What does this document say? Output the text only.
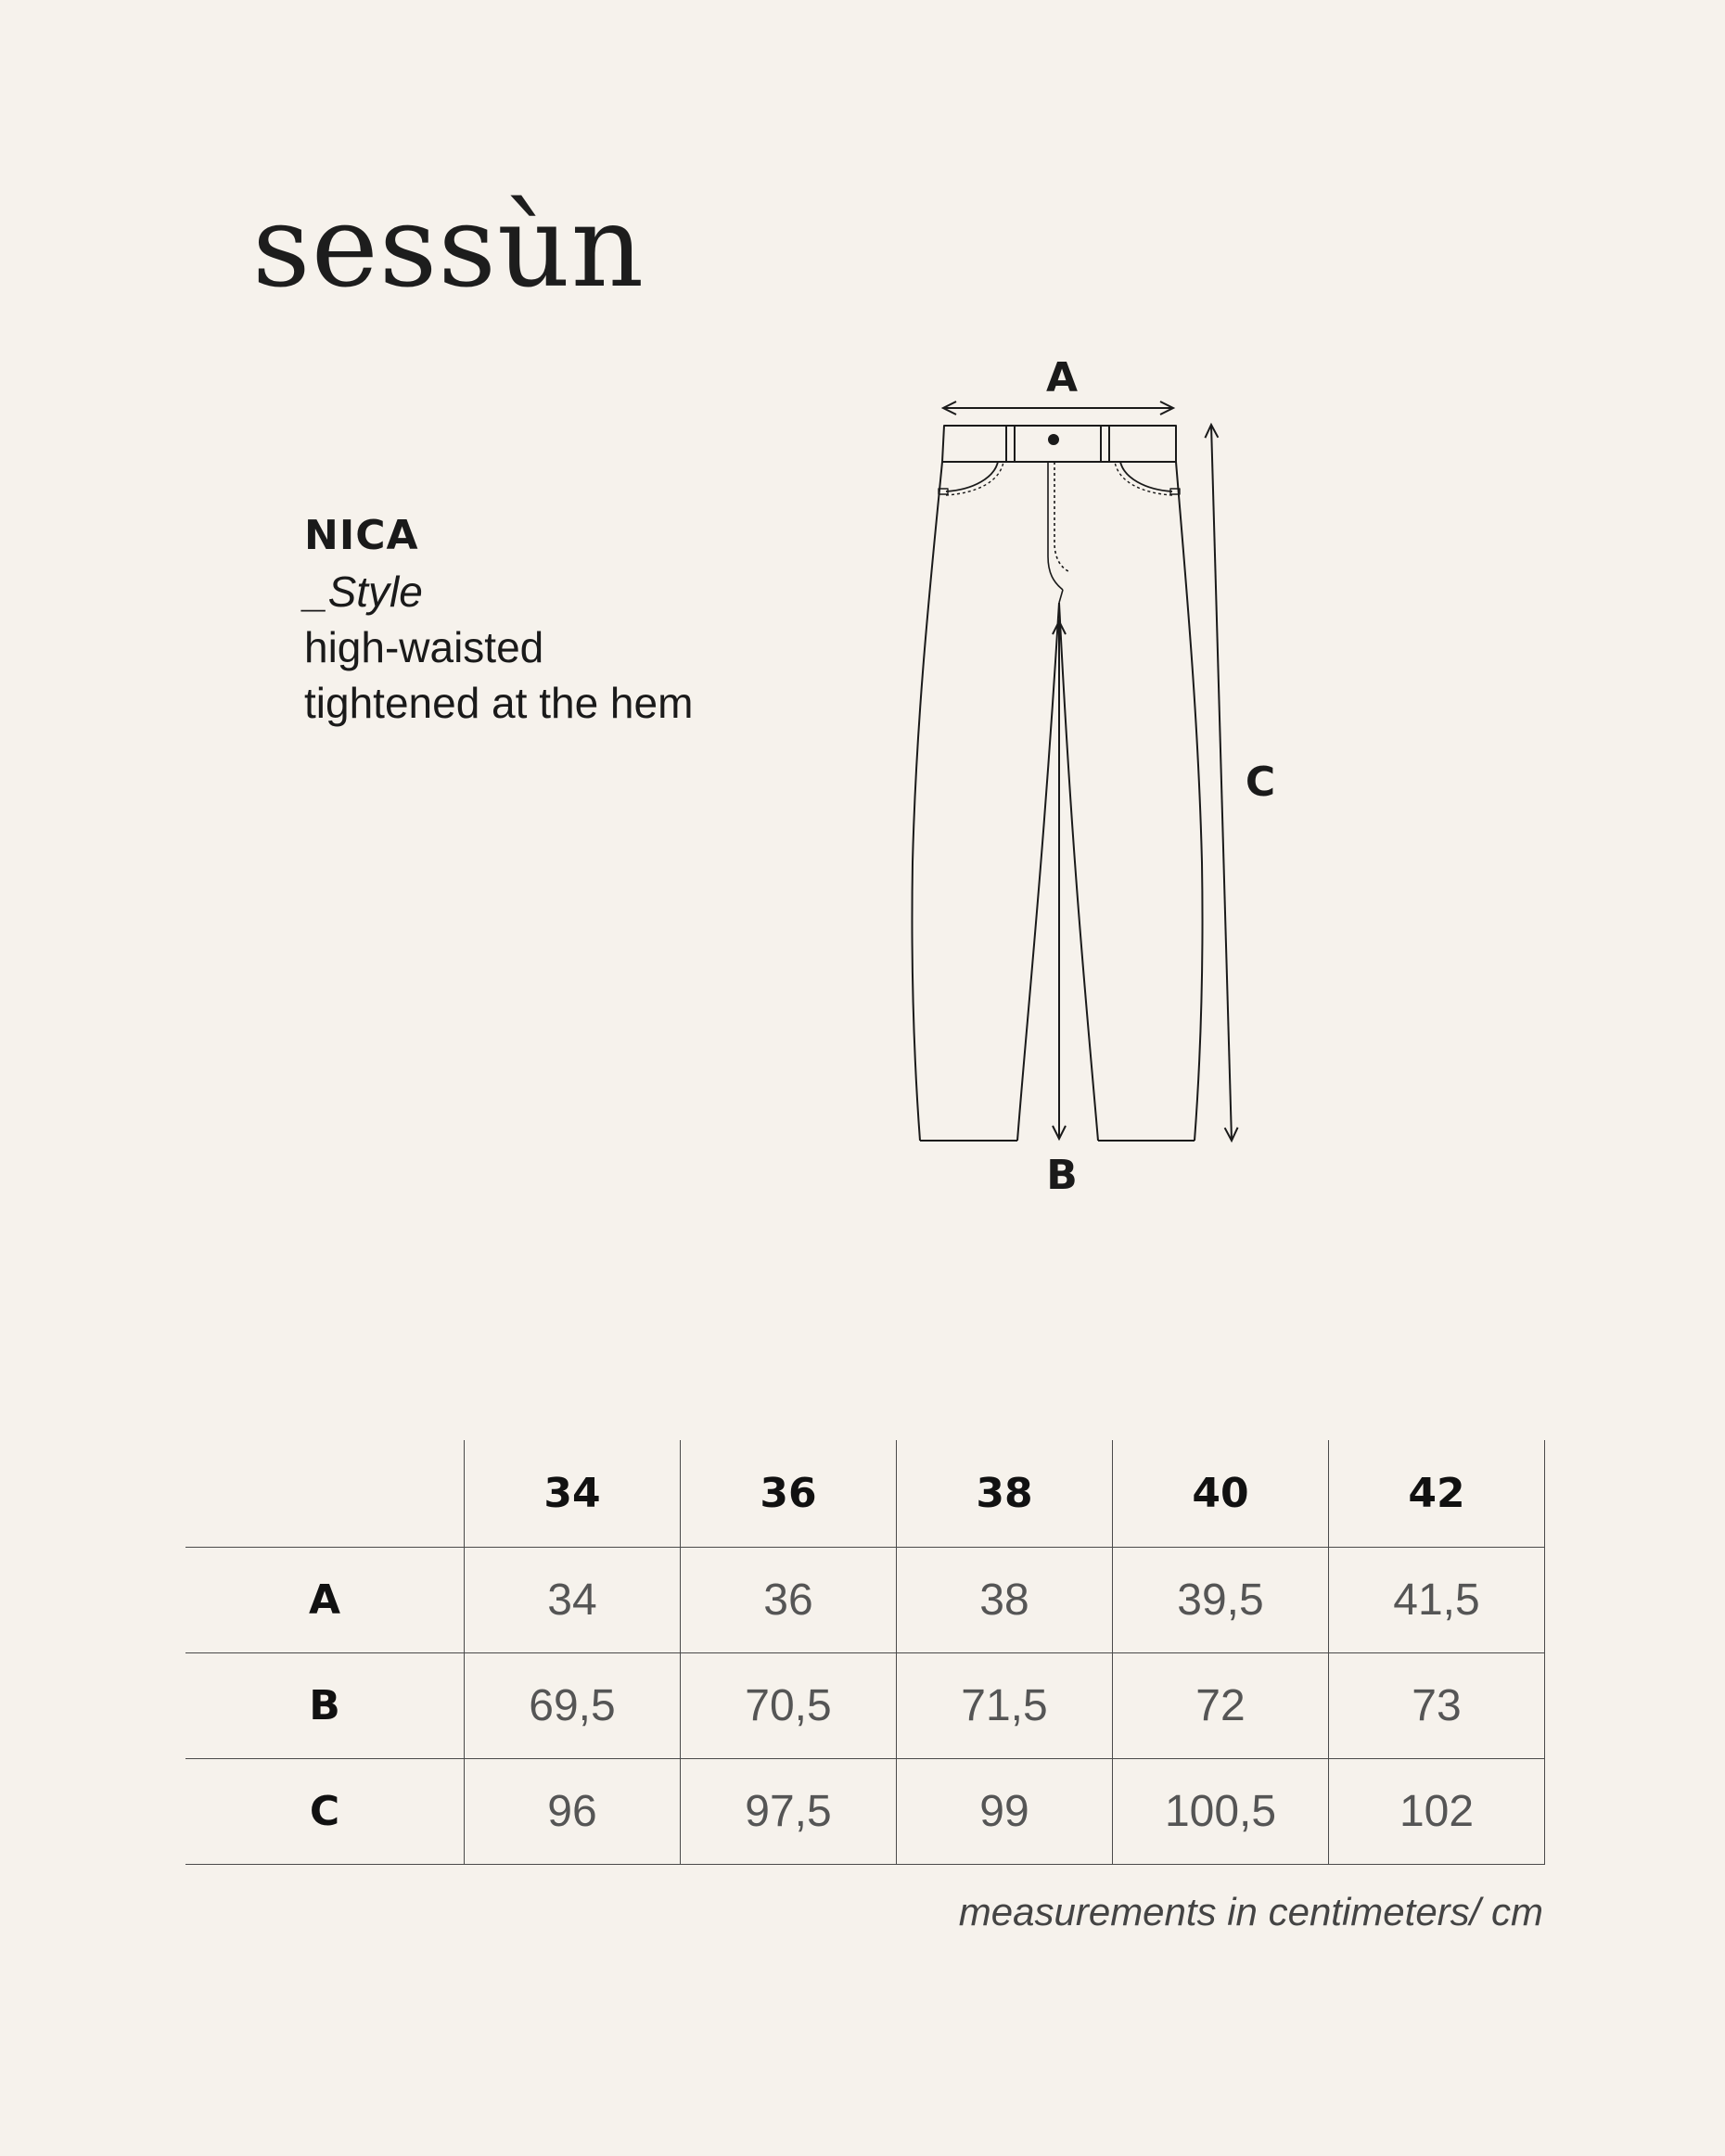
sessùn
NICA
_Style
high-waisted
tightened at the hem
A
B
C
	34	36	38	40	42
A	34	36	38	39,5	41,5
B	69,5	70,5	71,5	72	73
C	96	97,5	99	100,5	102
measurements in centimeters/ cm
